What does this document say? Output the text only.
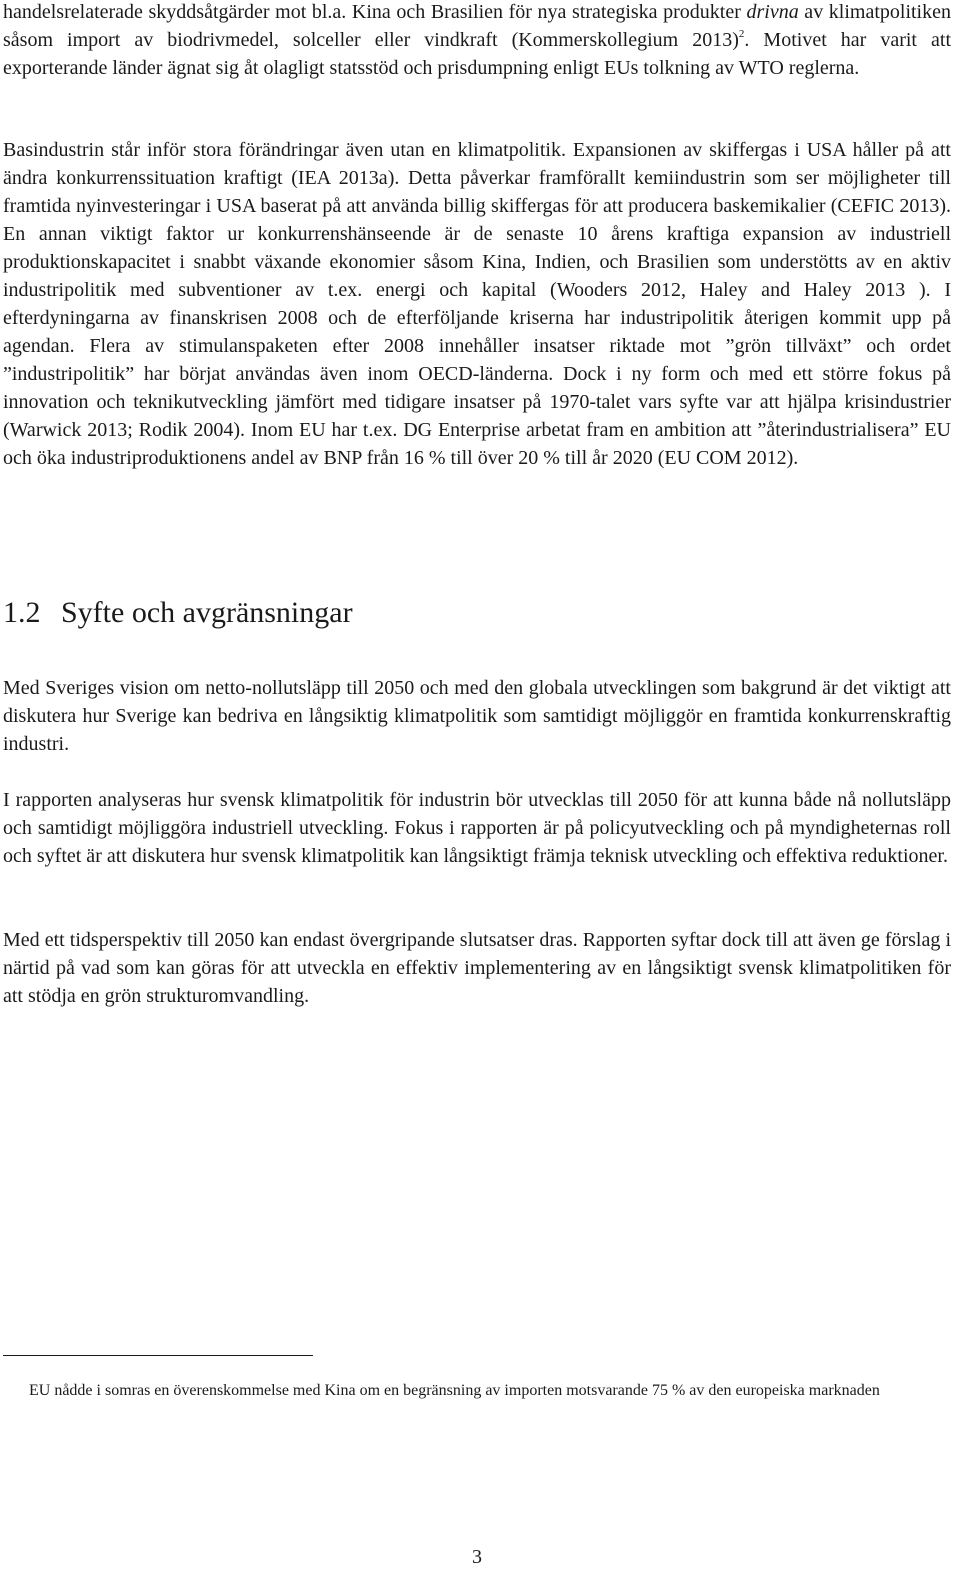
handelsrelaterade skyddsåtgärder mot bl.a. Kina och Brasilien för nya strategiska produkter drivna av klimatpolitiken såsom import av biodrivmedel, solceller eller vindkraft (Kommerskollegium 2013)$^2$. Motivet har varit att exporterande länder ägnat sig åt olagligt statsstöd och prisdumpning enligt EUs tolkning av WTO reglerna.

Basindustrin står inför stora förändringar även utan en klimatpolitik. Expansionen av skiffergas i USA håller på att ändra konkurrenssituation kraftigt (IEA 2013a). Detta påverkar framförallt kemiindustrin som ser möjligheter till framtida nyinvesteringar i USA baserat på att använda billig skiffergas för att producera baskemikalier (CEFIC 2013). En annan viktigt faktor ur konkurrenshänseende är de senaste 10 årens kraftiga expansion av industriell produktionskapacitet i snabbt växande ekonomier såsom Kina, Indien, och Brasilien som understötts av en aktiv industripolitik med subventioner av t.ex. energi och kapital (Wooders 2012, Haley and Haley 2013 ). I efterdyningarna av finanskrisen 2008 och de efterföljande kriserna har industripolitik återigen kommit upp på agendan. Flera av stimulanspaketen efter 2008 innehåller insatser riktade mot ”grön tillväxt” och ordet ”industripolitik” har börjat användas även inom OECD-länderna. Dock i ny form och med ett större fokus på innovation och teknikutveckling jämfört med tidigare insatser på 1970-talet vars syfte var att hjälpa krisindustrier (Warwick 2013; Rodik 2004). Inom EU har t.ex. DG Enterprise arbetat fram en ambition att ”återindustrialisera” EU och öka industriproduktionens andel av BNP från 16 % till över 20 % till år 2020 (EU COM 2012).

1.2 Syfte och avgränsningar

Med Sveriges vision om netto-nollutsläpp till 2050 och med den globala utvecklingen som bakgrund är det viktigt att diskutera hur Sverige kan bedriva en långsiktig klimatpolitik som samtidigt möjliggör en framtida konkurrenskraftig industri.

I rapporten analyseras hur svensk klimatpolitik för industrin bör utvecklas till 2050 för att kunna både nå nollutsläpp och samtidigt möjliggöra industriell utveckling. Fokus i rapporten är på policyutveckling och på myndigheternas roll och syftet är att diskutera hur svensk klimatpolitik kan långsiktigt främja teknisk utveckling och effektiva reduktioner.

Med ett tidsperspektiv till 2050 kan endast övergripande slutsatser dras. Rapporten syftar dock till att även ge förslag i närtid på vad som kan göras för att utveckla en effektiv implementering av en långsiktigt svensk klimatpolitiken för att stödja en grön strukturomvandling.

EU nådde i somras en överenskommelse med Kina om en begränsning av importen motsvarande 75 % av den europeiska marknaden
3
